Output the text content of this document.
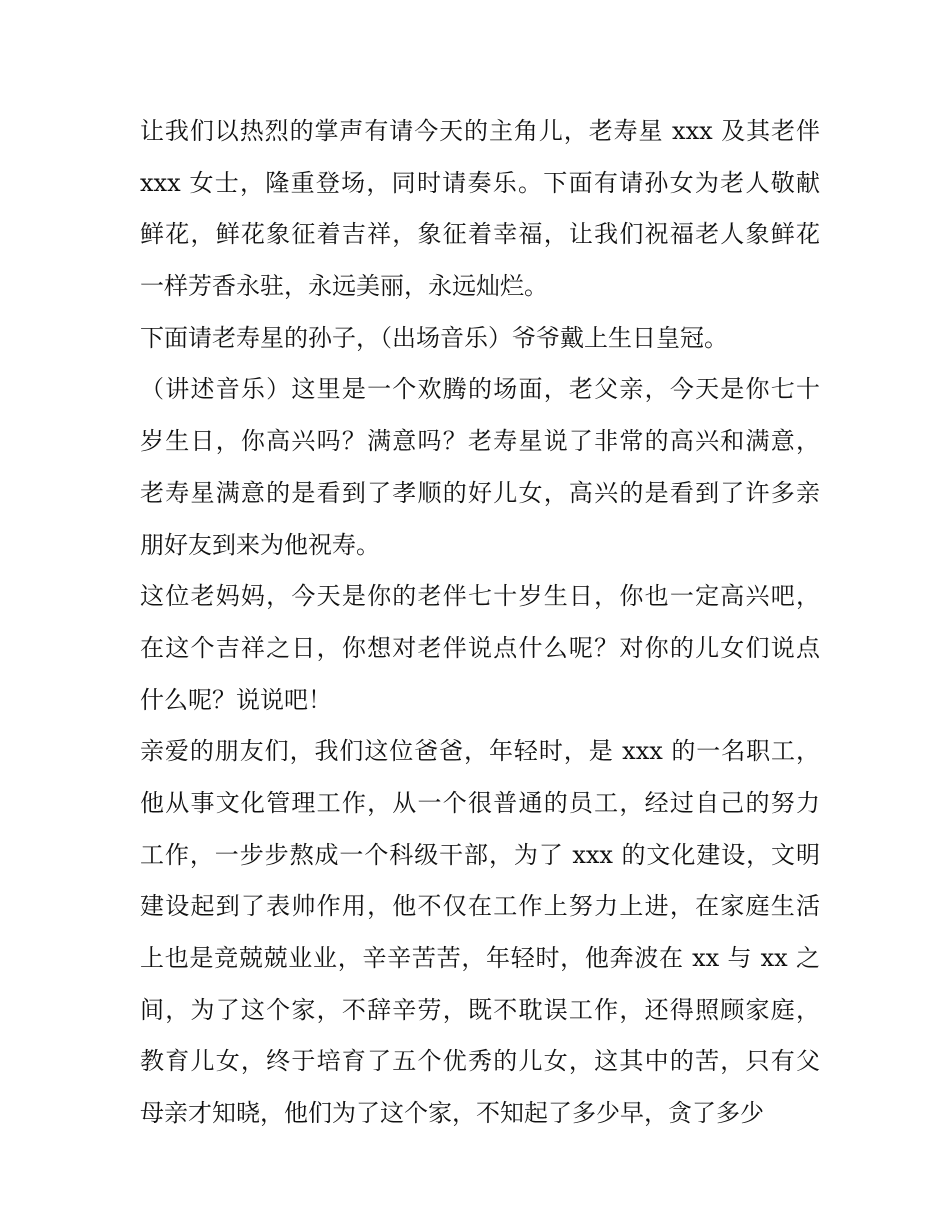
让我们以热烈的掌声有请今天的主角儿，老寿星 xxx 及其老伴
xxx 女士，隆重登场，同时请奏乐。下面有请孙女为老人敬献
鲜花，鲜花象征着吉祥，象征着幸福，让我们祝福老人象鲜花
一样芳香永驻，永远美丽，永远灿烂。
下面请老寿星的孙子，（出场音乐）爷爷戴上生日皇冠。
（讲述音乐）这里是一个欢腾的场面，老父亲，今天是你七十
岁生日，你高兴吗？满意吗？老寿星说了非常的高兴和满意，
老寿星满意的是看到了孝顺的好儿女，高兴的是看到了许多亲
朋好友到来为他祝寿。
这位老妈妈，今天是你的老伴七十岁生日，你也一定高兴吧，
在这个吉祥之日，你想对老伴说点什么呢？对你的儿女们说点
什么呢？说说吧！
亲爱的朋友们，我们这位爸爸，年轻时，是 xxx 的一名职工，
他从事文化管理工作，从一个很普通的员工，经过自己的努力
工作，一步步熬成一个科级干部，为了 xxx 的文化建设，文明
建设起到了表帅作用，他不仅在工作上努力上进，在家庭生活
上也是竞兢兢业业，辛辛苦苦，年轻时，他奔波在 xx 与 xx 之
间，为了这个家，不辞辛劳，既不耽误工作，还得照顾家庭，
教育儿女，终于培育了五个优秀的儿女，这其中的苦，只有父
母亲才知晓，他们为了这个家，不知起了多少早，贪了多少
